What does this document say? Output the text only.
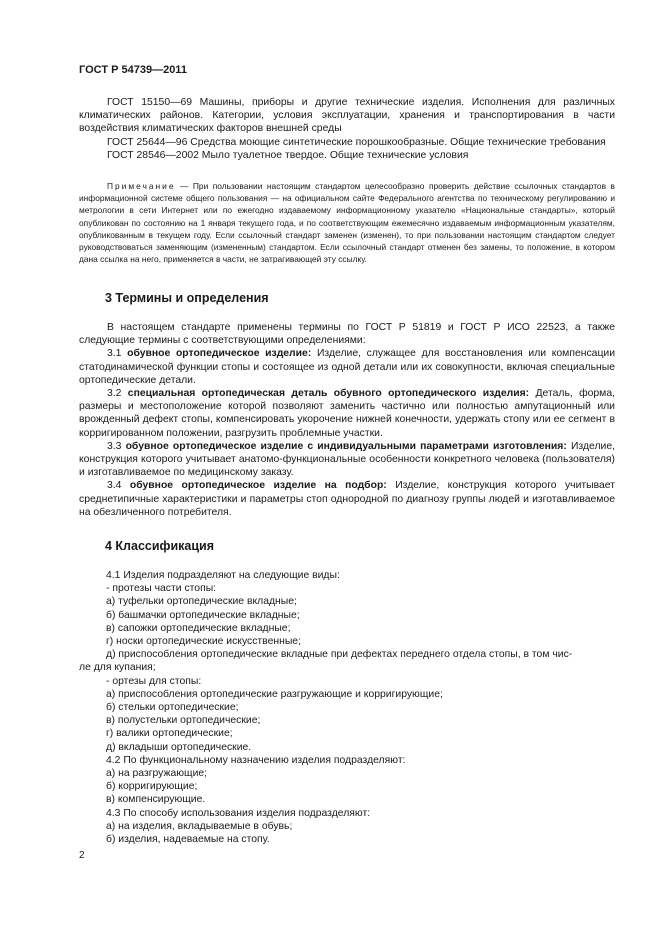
ГОСТ Р 54739—2011

ГОСТ 15150—69 Машины, приборы и другие технические изделия. Исполнения для различных климатических районов. Категории, условия эксплуатации, хранения и транспортирования в части воздействия климатических факторов внешней среды

ГОСТ 25644—96 Средства моющие синтетические порошкообразные. Общие технические требования

ГОСТ 28546—2002 Мыло туалетное твердое. Общие технические условия

Примечание — При пользовании настоящим стандартом целесообразно проверить действие ссылочных стандартов в информационной системе общего пользования — на официальном сайте Федерального агентства по техническому регулированию и метрологии в сети Интернет или по ежегодно издаваемому информационному указателю «Национальные стандарты», который опубликован по состоянию на 1 января текущего года, и по соответствующим ежемесячно издаваемым информационным указателям, опубликованным в текущем году. Если ссылочный стандарт заменен (изменен), то при пользовании настоящим стандартом следует руководствоваться заменяющим (измененным) стандартом. Если ссылочный стандарт отменен без замены, то положение, в котором дана ссылка на него, применяется в части, не затрагивающей эту ссылку.

3 Термины и определения

В настоящем стандарте применены термины по ГОСТ Р 51819 и ГОСТ Р ИСО 22523, а также следующие термины с соответствующими определениями:

3.1 обувное ортопедическое изделие: Изделие, служащее для восстановления или компенсации статодинамической функции стопы и состоящее из одной детали или их совокупности, включая специальные ортопедические детали.

3.2 специальная ортопедическая деталь обувного ортопедического изделия: Деталь, форма, размеры и местоположение которой позволяют заменить частично или полностью ампутационный или врожденный дефект стопы, компенсировать укорочение нижней конечности, удержать стопу или ее сегмент в корригированном положении, разгрузить проблемные участки.

3.3 обувное ортопедическое изделие с индивидуальными параметрами изготовления: Изделие, конструкция которого учитывает анатомо-функциональные особенности конкретного человека (пользователя) и изготавливаемое по медицинскому заказу.

3.4 обувное ортопедическое изделие на подбор: Изделие, конструкция которого учитывает среднетипичные характеристики и параметры стоп однородной по диагнозу группы людей и изготавливаемое на обезличенного потребителя.

4 Классификация
4.1 Изделия подразделяют на следующие виды:
- протезы части стопы:
а) туфельки ортопедические вкладные;
б) башмачки ортопедические вкладные;
в) сапожки ортопедические вкладные;
г) носки ортопедические искусственные;
д) приспособления ортопедические вкладные при дефектах переднего отдела стопы, в том чис-
ле для купания;
- ортезы для стопы:
а) приспособления ортопедические разгружающие и корригирующие;
б) стельки ортопедические;
в) полустельки ортопедические;
г) валики ортопедические;
д) вкладыши ортопедические.
4.2 По функциональному назначению изделия подразделяют:
а) на разгружающие;
б) корригирующие;
в) компенсирующие.
4.3 По способу использования изделия подразделяют:
а) на изделия, вкладываемые в обувь;
б) изделия, надеваемые на стопу.
2
